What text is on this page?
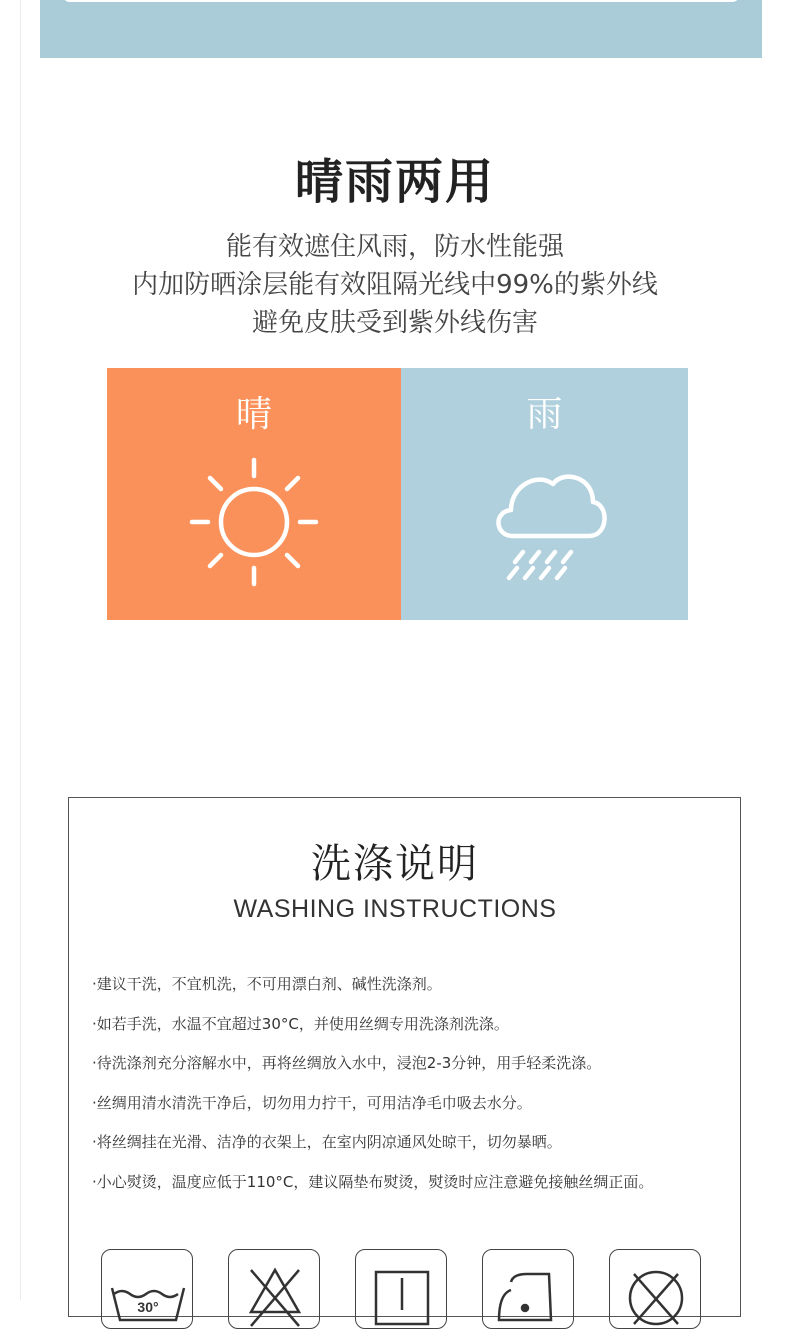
晴雨两用
能有效遮住风雨，防水性能强
内加防晒涂层能有效阻隔光线中99%的紫外线
避免皮肤受到紫外线伤害
晴	雨
洗涤说明
WASHING INSTRUCTIONS
·建议干洗，不宜机洗，不可用漂白剂、碱性洗涤剂。
·如若手洗，水温不宜超过30°C，并使用丝绸专用洗涤剂洗涤。
·待洗涤剂充分溶解水中，再将丝绸放入水中，浸泡2-3分钟，用手轻柔洗涤。
·丝绸用清水清洗干净后，切勿用力拧干，可用洁净毛巾吸去水分。
·将丝绸挂在光滑、洁净的衣架上，在室内阴凉通风处晾干，切勿暴晒。
·小心熨烫，温度应低于110°C，建议隔垫布熨烫，熨烫时应注意避免接触丝绸正面。
30°
